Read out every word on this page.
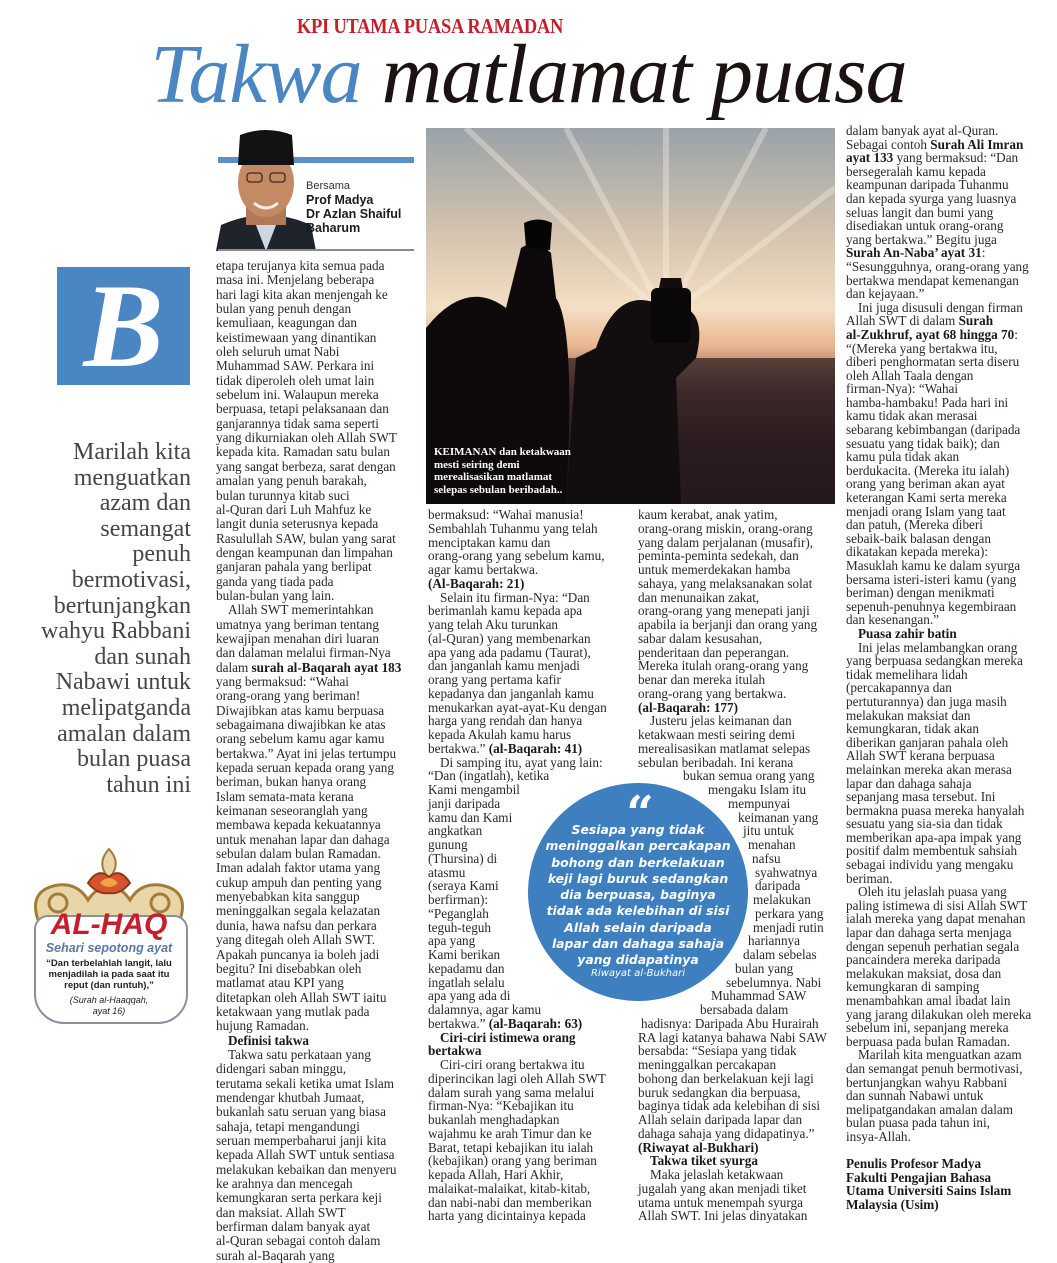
KPI UTAMA PUASA RAMADAN
Takwa matlamat puasa
Bersama
Prof Madya
Dr Azlan Shaiful
Baharum
B
Marilah kita
menguatkan
azam dan
semangat
penuh
bermotivasi,
bertunjangkan
wahyu Rabbani
dan sunah
Nabawi untuk
melipatganda
amalan dalam
bulan puasa
tahun ini
AL-HAQ
Sehari sepotong ayat
“Dan terbelahlah langit, lalu
menjadilah ia pada saat itu
reput (dan runtuh),”
(Surah al-Haaqqah,
ayat 16)
KEIMANAN dan ketakwaan
mesti seiring demi
merealisasikan matlamat
selepas sebulan beribadah..
etapa terujanya kita semua pada
masa ini. Menjelang beberapa
hari lagi kita akan menjengah ke
bulan yang penuh dengan
kemuliaan, keagungan dan
keistimewaan yang dinantikan
oleh seluruh umat Nabi
Muhammad SAW. Perkara ini
tidak diperoleh oleh umat lain
sebelum ini. Walaupun mereka
berpuasa, tetapi pelaksanaan dan
ganjarannya tidak sama seperti
yang dikurniakan oleh Allah SWT
kepada kita. Ramadan satu bulan
yang sangat berbeza, sarat dengan
amalan yang penuh barakah,
bulan turunnya kitab suci
al-Quran dari Luh Mahfuz ke
langit dunia seterusnya kepada
Rasulullah SAW, bulan yang sarat
dengan keampunan dan limpahan
ganjaran pahala yang berlipat
ganda yang tiada pada
bulan-bulan yang lain.
Allah SWT memerintahkan
umatnya yang beriman tentang
kewajipan menahan diri luaran
dan dalaman melalui firman-Nya
dalam surah al-Baqarah ayat 183
yang bermaksud: “Wahai
orang-orang yang beriman!
Diwajibkan atas kamu berpuasa
sebagaimana diwajibkan ke atas
orang sebelum kamu agar kamu
bertakwa.” Ayat ini jelas tertumpu
kepada seruan kepada orang yang
beriman, bukan hanya orang
Islam semata-mata kerana
keimanan seseoranglah yang
membawa kepada kekuatannya
untuk menahan lapar dan dahaga
sebulan dalam bulan Ramadan.
Iman adalah faktor utama yang
cukup ampuh dan penting yang
menyebabkan kita sanggup
meninggalkan segala kelazatan
dunia, hawa nafsu dan perkara
yang ditegah oleh Allah SWT.
Apakah puncanya ia boleh jadi
begitu? Ini disebabkan oleh
matlamat atau KPI yang
ditetapkan oleh Allah SWT iaitu
ketakwaan yang mutlak pada
hujung Ramadan.
Definisi takwa
Takwa satu perkataan yang
didengari saban minggu,
terutama sekali ketika umat Islam
mendengar khutbah Jumaat,
bukanlah satu seruan yang biasa
sahaja, tetapi mengandungi
seruan memperbaharui janji kita
kepada Allah SWT untuk sentiasa
melakukan kebaikan dan menyeru
ke arahnya dan mencegah
kemungkaran serta perkara keji
dan maksiat. Allah SWT
berfirman dalam banyak ayat
al-Quran sebagai contoh dalam
surah al-Baqarah yang
bermaksud: “Wahai manusia!
Sembahlah Tuhanmu yang telah
menciptakan kamu dan
orang-orang yang sebelum kamu,
agar kamu bertakwa.
(Al-Baqarah: 21)
Selain itu firman-Nya: “Dan
berimanlah kamu kepada apa
yang telah Aku turunkan
(al-Quran) yang membenarkan
apa yang ada padamu (Taurat),
dan janganlah kamu menjadi
orang yang pertama kafir
kepadanya dan janganlah kamu
menukarkan ayat-ayat-Ku dengan
harga yang rendah dan hanya
kepada Akulah kamu harus
bertakwa.” (al-Baqarah: 41)
Di samping itu, ayat yang lain:
“Dan (ingatlah), ketika
Kami mengambil
janji daripada
kamu dan Kami
angkatkan
gunung
(Thursina) di
atasmu
(seraya Kami
berfirman):
“Peganglah
teguh-teguh
apa yang
Kami berikan
kepadamu dan
ingatlah selalu
apa yang ada di
dalamnya, agar kamu
bertakwa.” (al-Baqarah: 63)
Ciri-ciri istimewa orang
bertakwa
Ciri-ciri orang bertakwa itu
diperincikan lagi oleh Allah SWT
dalam surah yang sama melalui
firman-Nya: “Kebajikan itu
bukanlah menghadapkan
wajahmu ke arah Timur dan ke
Barat, tetapi kebajikan itu ialah
(kebajikan) orang yang beriman
kepada Allah, Hari Akhir,
malaikat-malaikat, kitab-kitab,
dan nabi-nabi dan memberikan
harta yang dicintainya kepada
kaum kerabat, anak yatim,
orang-orang miskin, orang-orang
yang dalam perjalanan (musafir),
peminta-peminta sedekah, dan
untuk memerdekakan hamba
sahaya, yang melaksanakan solat
dan menunaikan zakat,
orang-orang yang menepati janji
apabila ia berjanji dan orang yang
sabar dalam kesusahan,
penderitaan dan peperangan.
Mereka itulah orang-orang yang
benar dan mereka itulah
orang-orang yang bertakwa.
(al-Baqarah: 177)
Justeru jelas keimanan dan
ketakwaan mesti seiring demi
merealisasikan matlamat selepas
sebulan beribadah. Ini kerana
bukan semua orang yang
mengaku Islam itu
mempunyai
keimanan yang
jitu untuk
menahan
nafsu
syahwatnya
daripada
melakukan
perkara yang
menjadi rutin
hariannya
dalam sebelas
bulan yang
sebelumnya. Nabi
Muhammad SAW
bersabada dalam
hadisnya: Daripada Abu Hurairah
RA lagi katanya bahawa Nabi SAW
bersabda: “Sesiapa yang tidak
meninggalkan percakapan
bohong dan berkelakuan keji lagi
buruk sedangkan dia berpuasa,
baginya tidak ada kelebihan di sisi
Allah selain daripada lapar dan
dahaga sahaja yang didapatinya.”
(Riwayat al-Bukhari)
Takwa tiket syurga
Maka jelaslah ketakwaan
jugalah yang akan menjadi tiket
utama untuk menempah syurga
Allah SWT. Ini jelas dinyatakan
dalam banyak ayat al-Quran.
Sebagai contoh Surah Ali Imran
ayat 133 yang bermaksud: “Dan
bersegeralah kamu kepada
keampunan daripada Tuhanmu
dan kepada syurga yang luasnya
seluas langit dan bumi yang
disediakan untuk orang-orang
yang bertakwa.” Begitu juga
Surah An-Naba’ ayat 31:
“Sesungguhnya, orang-orang yang
bertakwa mendapat kemenangan
dan kejayaan.”
Ini juga disusuli dengan firman
Allah SWT di dalam Surah
al-Zukhruf, ayat 68 hingga 70:
“(Mereka yang bertakwa itu,
diberi penghormatan serta diseru
oleh Allah Taala dengan
firman-Nya): “Wahai
hamba-hambaku! Pada hari ini
kamu tidak akan merasai
sebarang kebimbangan (daripada
sesuatu yang tidak baik); dan
kamu pula tidak akan
berdukacita. (Mereka itu ialah)
orang yang beriman akan ayat
keterangan Kami serta mereka
menjadi orang Islam yang taat
dan patuh, (Mereka diberi
sebaik-baik balasan dengan
dikatakan kepada mereka):
Masuklah kamu ke dalam syurga
bersama isteri-isteri kamu (yang
beriman) dengan menikmati
sepenuh-penuhnya kegembiraan
dan kesenangan.”
Puasa zahir batin
Ini jelas melambangkan orang
yang berpuasa sedangkan mereka
tidak memelihara lidah
(percakapannya dan
pertuturannya) dan juga masih
melakukan maksiat dan
kemungkaran, tidak akan
diberikan ganjaran pahala oleh
Allah SWT kerana berpuasa
melainkan mereka akan merasa
lapar dan dahaga sahaja
sepanjang masa tersebut. Ini
bermakna puasa mereka hanyalah
sesuatu yang sia-sia dan tidak
memberikan apa-apa impak yang
positif dalm membentuk sahsiah
sebagai individu yang mengaku
beriman.
Oleh itu jelaslah puasa yang
paling istimewa di sisi Allah SWT
ialah mereka yang dapat menahan
lapar dan dahaga serta menjaga
dengan sepenuh perhatian segala
pancaindera mereka daripada
melakukan maksiat, dosa dan
kemungkaran di samping
menambahkan amal ibadat lain
yang jarang dilakukan oleh mereka
sebelum ini, sepanjang mereka
berpuasa pada bulan Ramadan.
Marilah kita menguatkan azam
dan semangat penuh bermotivasi,
bertunjangkan wahyu Rabbani
dan sunnah Nabawi untuk
melipatgandakan amalan dalam
bulan puasa pada tahun ini,
insya-Allah.

Penulis Profesor Madya
Fakulti Pengajian Bahasa
Utama Universiti Sains Islam
Malaysia (Usim)
“
Sesiapa yang tidak
meninggalkan percakapan
bohong dan berkelakuan
keji lagi buruk sedangkan
dia berpuasa, baginya
tidak ada kelebihan di sisi
Allah selain daripada
lapar dan dahaga sahaja
yang didapatinya
Riwayat al-Bukhari
